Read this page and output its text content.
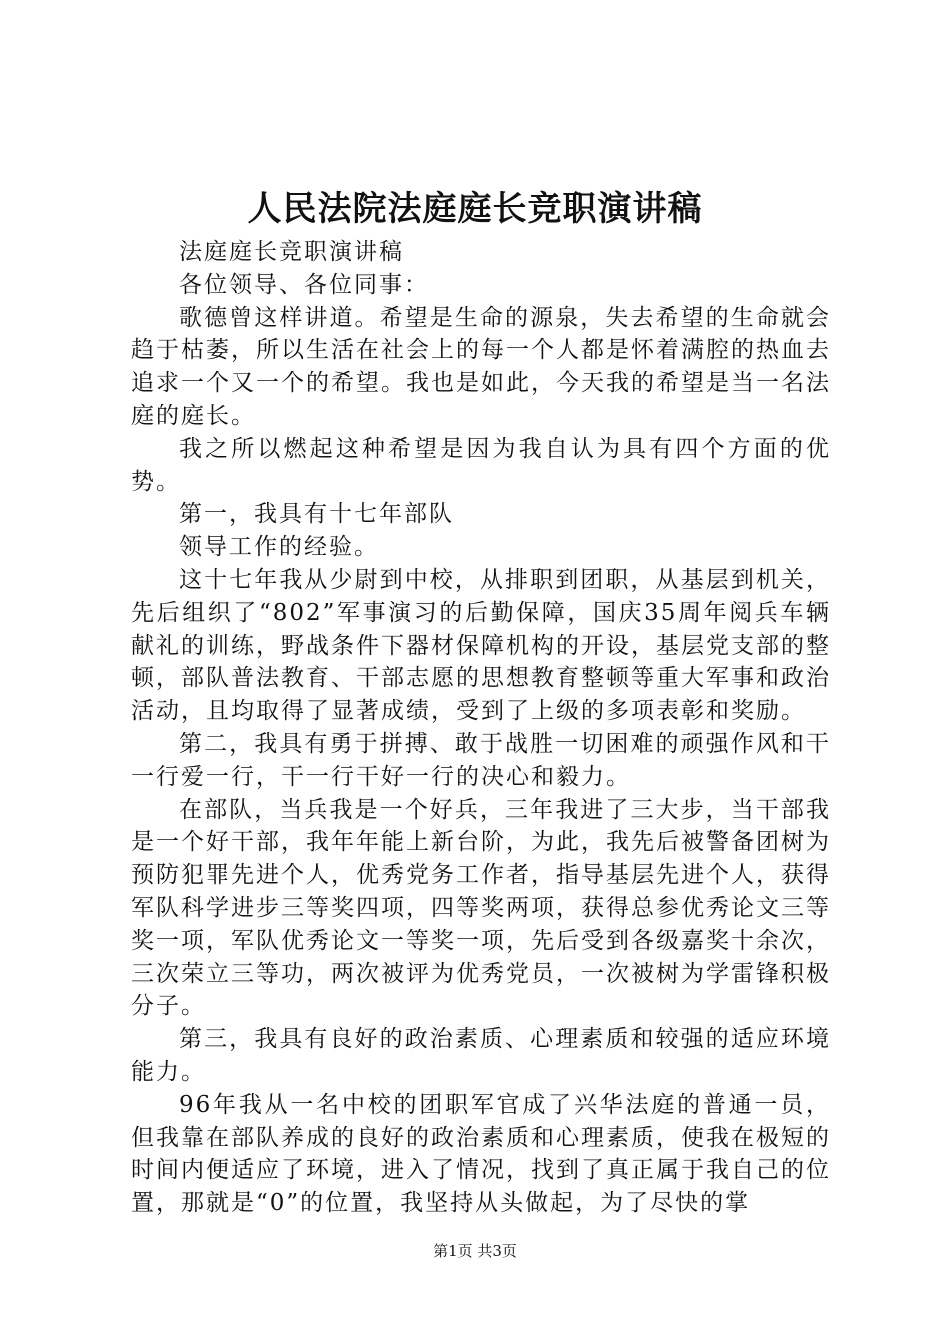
人民法院法庭庭长竞职演讲稿

法庭庭长竞职演讲稿

各位领导、各位同事：

歌德曾这样讲道。希望是生命的源泉，失去希望的生命就会趋于枯萎，所以生活在社会上的每一个人都是怀着满腔的热血去追求一个又一个的希望。我也是如此，今天我的希望是当一名法庭的庭长。

我之所以燃起这种希望是因为我自认为具有四个方面的优势。

第一，我具有十七年部队

领导工作的经验。

这十七年我从少尉到中校，从排职到团职，从基层到机关，先后组织了“802”军事演习的后勤保障，国庆35周年阅兵车辆献礼的训练，野战条件下器材保障机构的开设，基层党支部的整顿，部队普法教育、干部志愿的思想教育整顿等重大军事和政治活动，且均取得了显著成绩，受到了上级的多项表彰和奖励。

第二，我具有勇于拼搏、敢于战胜一切困难的顽强作风和干一行爱一行，干一行干好一行的决心和毅力。

在部队，当兵我是一个好兵，三年我进了三大步，当干部我是一个好干部，我年年能上新台阶，为此，我先后被警备团树为预防犯罪先进个人，优秀党务工作者，指导基层先进个人，获得军队科学进步三等奖四项，四等奖两项，获得总参优秀论文三等奖一项，军队优秀论文一等奖一项，先后受到各级嘉奖十余次，三次荣立三等功，两次被评为优秀党员，一次被树为学雷锋积极分子。

第三，我具有良好的政治素质、心理素质和较强的适应环境能力。

96年我从一名中校的团职军官成了兴华法庭的普通一员，但我靠在部队养成的良好的政治素质和心理素质，使我在极短的时间内便适应了环境，进入了情况，找到了真正属于我自己的位置，那就是“0”的位置，我坚持从头做起，为了尽快的掌

第1页 共3页
